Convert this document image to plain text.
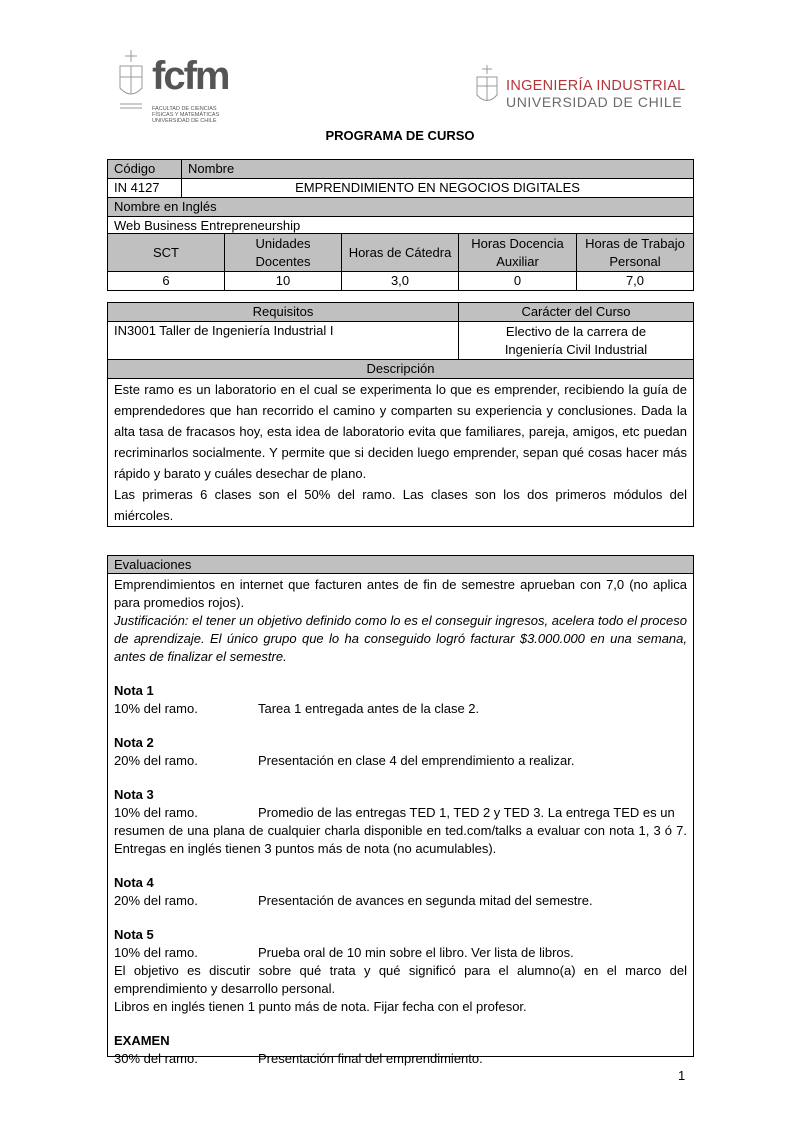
fcfm
FACULTAD DE CIENCIAS
FÍSICAS Y MATEMÁTICAS
UNIVERSIDAD DE CHILE
INGENIERÍA INDUSTRIAL
UNIVERSIDAD DE CHILE
PROGRAMA DE CURSO
Código	Nombre
IN 4127	EMPRENDIMIENTO EN NEGOCIOS DIGITALES
Nombre en Inglés	
Web Business Entrepreneurship	
SCT	Unidades Docentes	Horas de Cátedra	Horas Docencia Auxiliar	Horas de Trabajo Personal
6	10	3,0	0	7,0
Requisitos	Carácter del Curso
IN3001 Taller de Ingeniería Industrial I	Electivo de la carrera de
Ingeniería Civil Industrial

Descripción	

Este ramo es un laboratorio en el cual se experimenta lo que es emprender, recibiendo la guía de emprendedores que han recorrido el camino y comparten su experiencia y conclusiones. Dada la alta tasa de fracasos hoy, esta idea de laboratorio evita que familiares, pareja, amigos, etc puedan recriminarlos socialmente. Y permite que si deciden luego emprender, sepan qué cosas hacer más rápido y barato y cuáles desechar de plano.
Las primeras 6 clases son el 50% del ramo. Las clases son los dos primeros módulos del miércoles.	
Evaluaciones
Emprendimientos en internet que facturen antes de fin de semestre aprueban con 7,0 (no aplica para promedios rojos).
Justificación: el tener un objetivo definido como lo es el conseguir ingresos, acelera todo el proceso de aprendizaje. El único grupo que lo ha conseguido logró facturar $3.000.000 en una semana, antes de finalizar el semestre.
Nota 1
10% del ramo.	Tarea 1 entregada antes de la clase 2.
Nota 2
20% del ramo.	Presentación en clase 4 del emprendimiento a realizar.
Nota 3
10% del ramo.	Promedio de las entregas TED 1, TED 2 y TED 3. La entrega TED es un
resumen de una plana de cualquier charla disponible en ted.com/talks a evaluar con nota 1, 3 ó 7. Entregas en inglés tienen 3 puntos más de nota (no acumulables).
Nota 4
20% del ramo.	Presentación de avances en segunda mitad del semestre.
Nota 5
10% del ramo.	Prueba oral de 10 min sobre el libro. Ver lista de libros.
El objetivo es discutir sobre qué trata y qué significó para el alumno(a) en el marco del emprendimiento y desarrollo personal.
Libros en inglés tienen 1 punto más de nota. Fijar fecha con el profesor.
EXAMEN
30% del ramo.	Presentación final del emprendimiento.
1
